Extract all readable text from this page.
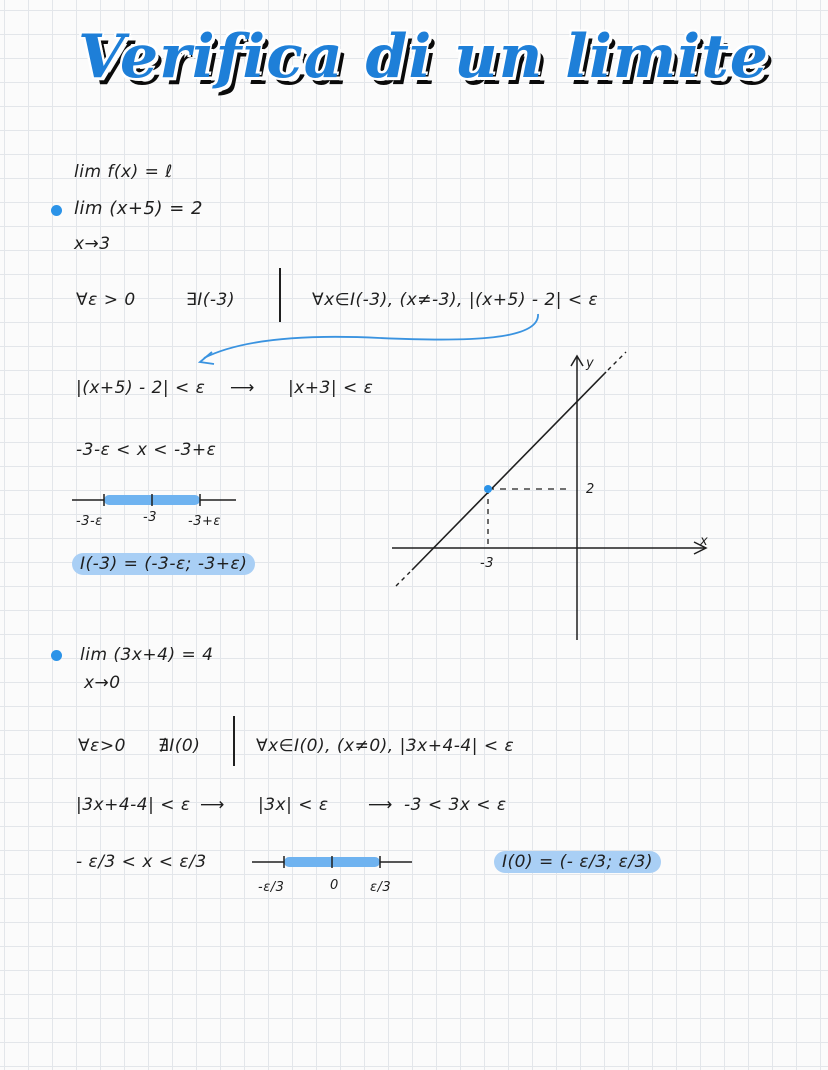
Verifica di un limite
lim f(x) = ℓ
lim (x+5) = 2
x→3
∀ε > 0	∃I(-3)	∀x∈I(-3), (x≠-3), |(x+5) - 2| < ε
|(x+5) - 2| < ε ⟶ |x+3| < ε
-3-ε < x < -3+ε
-3-ε	-3 -3+ε
I(-3) = (-3-ε; -3+ε)
y
x
-3
2
lim (3x+4) = 4
x→0
∀ε>0 ∄I(0)	∀x∈I(0), (x≠0), |3x+4-4| < ε
|3x+4-4| < ε ⟶ |3x| < ε ⟶ -3 < 3x < ε
- ε/3 < x < ε/3
-ε/3	0 ε/3
I(0) = (- ε/3; ε/3)
